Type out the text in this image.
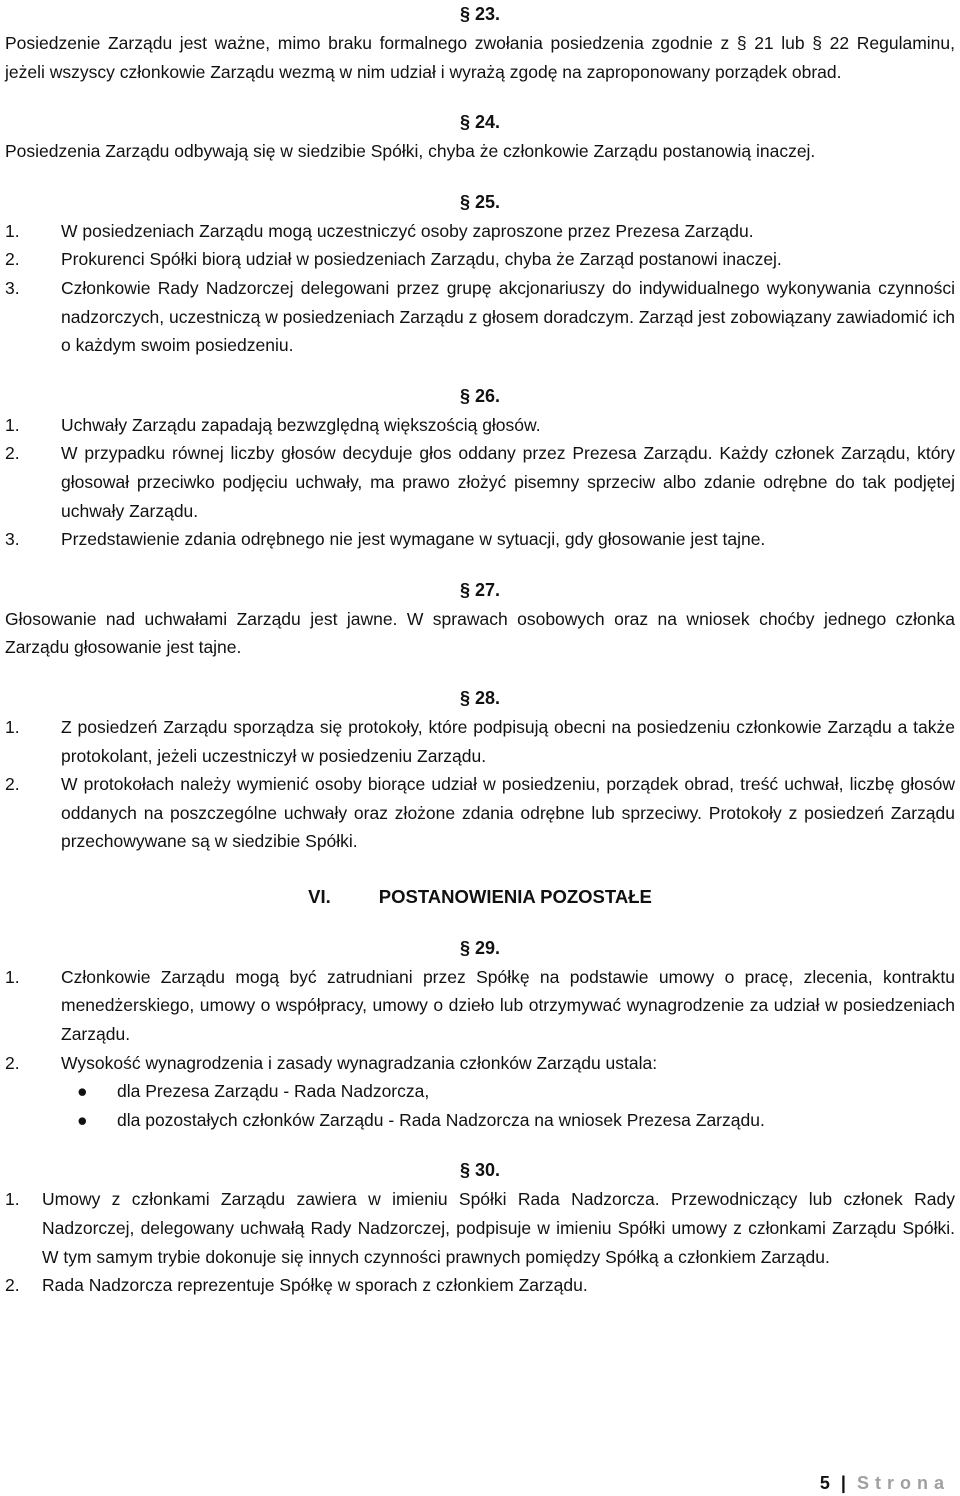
§ 23.

Posiedzenie Zarządu jest ważne, mimo braku formalnego zwołania posiedzenia zgodnie z § 21 lub § 22 Regulaminu, jeżeli wszyscy członkowie Zarządu wezmą w nim udział i wyrażą zgodę na zaproponowany porządek obrad.

§ 24.

Posiedzenia Zarządu odbywają się w siedzibie Spółki, chyba że członkowie Zarządu postanowią inaczej.

§ 25.
1.	W posiedzeniach Zarządu mogą uczestniczyć osoby zaproszone przez Prezesa Zarządu.
2.	Prokurenci Spółki biorą udział w posiedzeniach Zarządu, chyba że Zarząd postanowi inaczej.
3.	Członkowie Rady Nadzorczej delegowani przez grupę akcjonariuszy do indywidualnego wykonywania czynności nadzorczych, uczestniczą w posiedzeniach Zarządu z głosem doradczym. Zarząd jest zobowiązany zawiadomić ich o każdym swoim posiedzeniu.
§ 26.
1.	Uchwały Zarządu zapadają bezwzględną większością głosów.
2.	W przypadku równej liczby głosów decyduje głos oddany przez Prezesa Zarządu. Każdy członek Zarządu, który głosował przeciwko podjęciu uchwały, ma prawo złożyć pisemny sprzeciw albo zdanie odrębne do tak podjętej uchwały Zarządu.
3.	Przedstawienie zdania odrębnego nie jest wymagane w sytuacji, gdy głosowanie jest tajne.
§ 27.

Głosowanie nad uchwałami Zarządu jest jawne. W sprawach osobowych oraz na wniosek choćby jednego członka Zarządu głosowanie jest tajne.

§ 28.
1.	Z posiedzeń Zarządu sporządza się protokoły, które podpisują obecni na posiedzeniu członkowie Zarządu a także protokolant, jeżeli uczestniczył w posiedzeniu Zarządu.
2.	W protokołach należy wymienić osoby biorące udział w posiedzeniu, porządek obrad, treść uchwał, liczbę głosów oddanych na poszczególne uchwały oraz złożone zdania odrębne lub sprzeciwy. Protokoły z posiedzeń Zarządu przechowywane są w siedzibie Spółki.
VI.	POSTANOWIENIA POZOSTAŁE
§ 29.
1.	Członkowie Zarządu mogą być zatrudniani przez Spółkę na podstawie umowy o pracę, zlecenia, kontraktu menedżerskiego, umowy o współpracy, umowy o dzieło lub otrzymywać wynagrodzenie za udział w posiedzeniach Zarządu.
2.	Wysokość wynagrodzenia i zasady wynagradzania członków Zarządu ustala:
●	dla Prezesa Zarządu - Rada Nadzorcza,
●	dla pozostałych członków Zarządu - Rada Nadzorcza na wniosek Prezesa Zarządu.
§ 30.
1.	Umowy z członkami Zarządu zawiera w imieniu Spółki Rada Nadzorcza. Przewodniczący lub członek Rady Nadzorczej, delegowany uchwałą Rady Nadzorczej, podpisuje w imieniu Spółki umowy z członkami Zarządu Spółki. W tym samym trybie dokonuje się innych czynności prawnych pomiędzy Spółką a członkiem Zarządu.
2.	Rada Nadzorcza reprezentuje Spółkę w sporach z członkiem Zarządu.
5 | Strona
